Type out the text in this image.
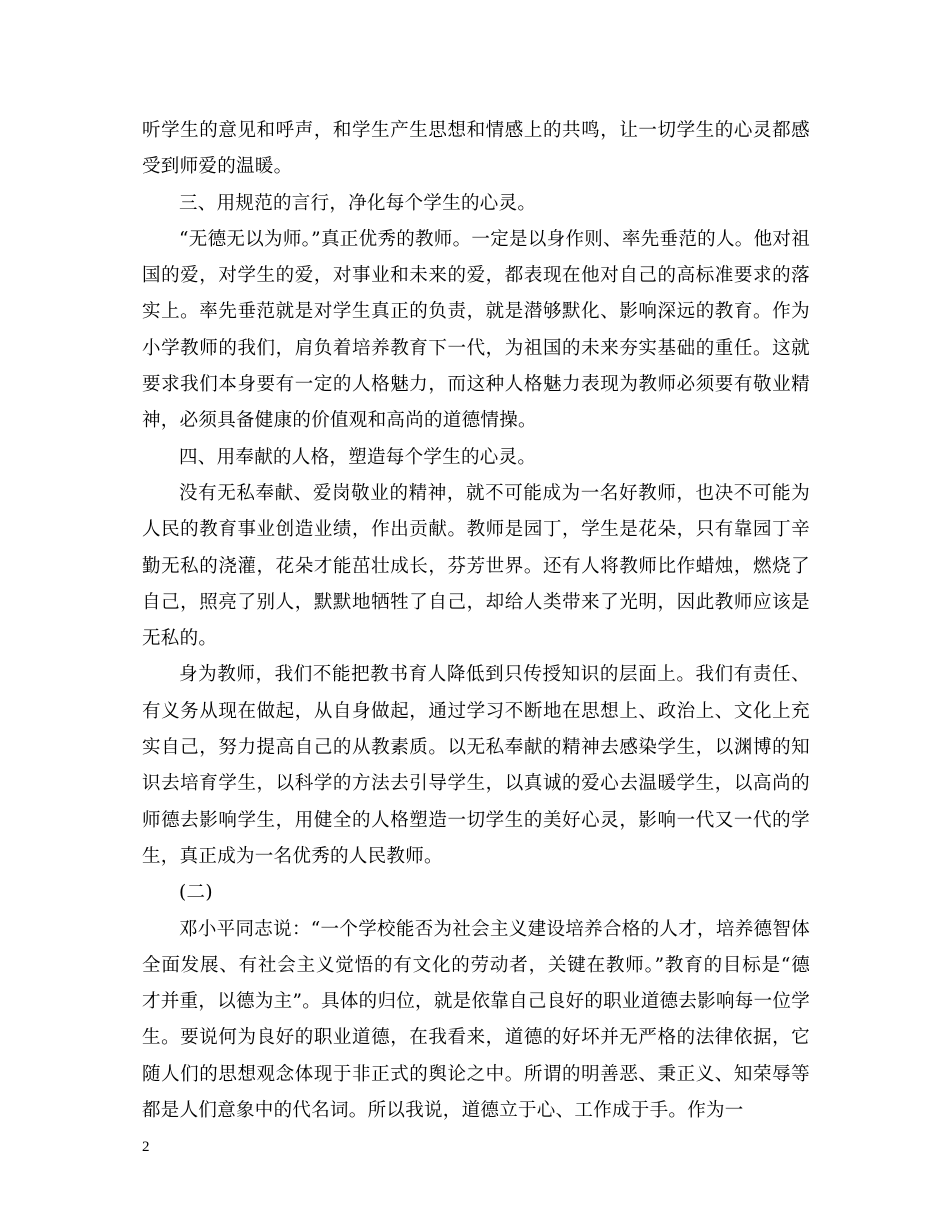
听学生的意见和呼声，和学生产生思想和情感上的共鸣，让一切学生的心灵都感受到师爱的温暖。

三、用规范的言行，净化每个学生的心灵。

“无德无以为师。”真正优秀的教师。一定是以身作则、率先垂范的人。他对祖国的爱，对学生的爱，对事业和未来的爱，都表现在他对自己的高标准要求的落实上。率先垂范就是对学生真正的负责，就是潜够默化、影响深远的教育。作为小学教师的我们，肩负着培养教育下一代，为祖国的未来夯实基础的重任。这就要求我们本身要有一定的人格魅力，而这种人格魅力表现为教师必须要有敬业精神，必须具备健康的价值观和高尚的道德情操。

四、用奉献的人格，塑造每个学生的心灵。

没有无私奉献、爱岗敬业的精神，就不可能成为一名好教师，也决不可能为人民的教育事业创造业绩，作出贡献。教师是园丁，学生是花朵，只有靠园丁辛勤无私的浇灌，花朵才能茁壮成长，芬芳世界。还有人将教师比作蜡烛，燃烧了自己，照亮了别人，默默地牺牲了自己，却给人类带来了光明，因此教师应该是无私的。

身为教师，我们不能把教书育人降低到只传授知识的层面上。我们有责任、有义务从现在做起，从自身做起，通过学习不断地在思想上、政治上、文化上充实自己，努力提高自己的从教素质。以无私奉献的精神去感染学生，以渊博的知识去培育学生，以科学的方法去引导学生，以真诚的爱心去温暖学生，以高尚的师德去影响学生，用健全的人格塑造一切学生的美好心灵，影响一代又一代的学生，真正成为一名优秀的人民教师。

(二)

邓小平同志说：“一个学校能否为社会主义建设培养合格的人才，培养德智体全面发展、有社会主义觉悟的有文化的劳动者，关键在教师。”教育的目标是“德才并重，以德为主”。具体的归位，就是依靠自己良好的职业道德去影响每一位学生。要说何为良好的职业道德，在我看来，道德的好坏并无严格的法律依据，它随人们的思想观念体现于非正式的舆论之中。所谓的明善恶、秉正义、知荣辱等都是人们意象中的代名词。所以我说，道德立于心、工作成于手。作为一

2
